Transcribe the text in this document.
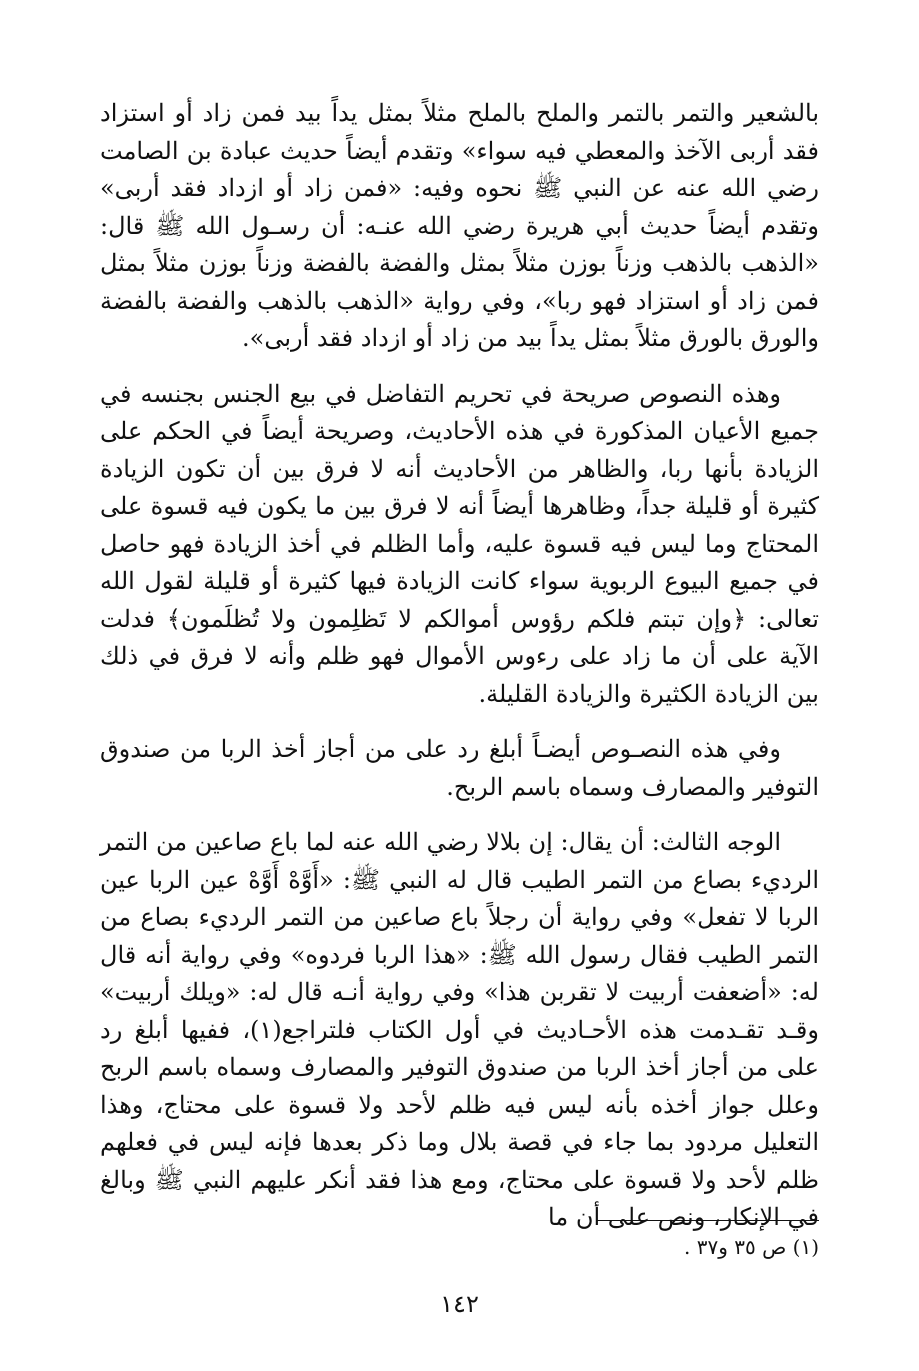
بالشعير والتمر بالتمر والملح بالملح مثلاً بمثل يداً بيد فمن زاد أو استزاد فقد أربى الآخذ والمعطي فيه سواء» وتقدم أيضاً حديث عبادة بن الصامت رضي الله عنه عن النبي ﷺ نحوه وفيه: «فمن زاد أو ازداد فقد أربى» وتقدم أيضاً حديث أبي هريرة رضي الله عنـه: أن رسـول الله ﷺ قال: «الذهب بالذهب وزناً بوزن مثلاً بمثل والفضة بالفضة وزناً بوزن مثلاً بمثل فمن زاد أو استزاد فهو ربا»، وفي رواية «الذهب بالذهب والفضة بالفضة والورق بالورق مثلاً بمثل يداً بيد من زاد أو ازداد فقد أربى».

وهذه النصوص صريحة في تحريم التفاضل في بيع الجنس بجنسه في جميع الأعيان المذكورة في هذه الأحاديث، وصريحة أيضاً في الحكم على الزيادة بأنها ربا، والظاهر من الأحاديث أنه لا فرق بين أن تكون الزيادة كثيرة أو قليلة جداً، وظاهرها أيضاً أنه لا فرق بين ما يكون فيه قسوة على المحتاج وما ليس فيه قسوة عليه، وأما الظلم في أخذ الزيادة فهو حاصل في جميع البيوع الربوية سواء كانت الزيادة فيها كثيرة أو قليلة لقول الله تعالى: ﴿وإن تبتم فلكم رؤوس أموالكم لا تَظلِمون ولا تُظلَمون﴾ فدلت الآية على أن ما زاد على رءوس الأموال فهو ظلم وأنه لا فرق في ذلك بين الزيادة الكثيرة والزيادة القليلة.

وفي هذه النصـوص أيضـاً أبلغ رد على من أجاز أخذ الربا من صندوق التوفير والمصارف وسماه باسم الربح.

الوجه الثالث: أن يقال: إن بلالا رضي الله عنه لما باع صاعين من التمر الرديء بصاع من التمر الطيب قال له النبي ﷺ: «أَوَّهْ أَوَّهْ عين الربا عين الربا لا تفعل» وفي رواية أن رجلاً باع صاعين من التمر الرديء بصاع من التمر الطيب فقال رسول الله ﷺ: «هذا الربا فردوه» وفي رواية أنه قال له: «أضعفت أربيت لا تقربن هذا» وفي رواية أنـه قال له: «ويلك أربيت» وقـد تقـدمت هذه الأحـاديث في أول الكتاب فلتراجع(١)، ففيها أبلغ رد على من أجاز أخذ الربا من صندوق التوفير والمصارف وسماه باسم الربح وعلل جواز أخذه بأنه ليس فيه ظلم لأحد ولا قسوة على محتاج، وهذا التعليل مردود بما جاء في قصة بلال وما ذكر بعدها فإنه ليس في فعلهم ظلم لأحد ولا قسوة على محتاج، ومع هذا فقد أنكر عليهم النبي ﷺ وبالغ في الإنكار، ونص على أن ما

(١) ص ٣٥ و٣٧ .
١٤٢
